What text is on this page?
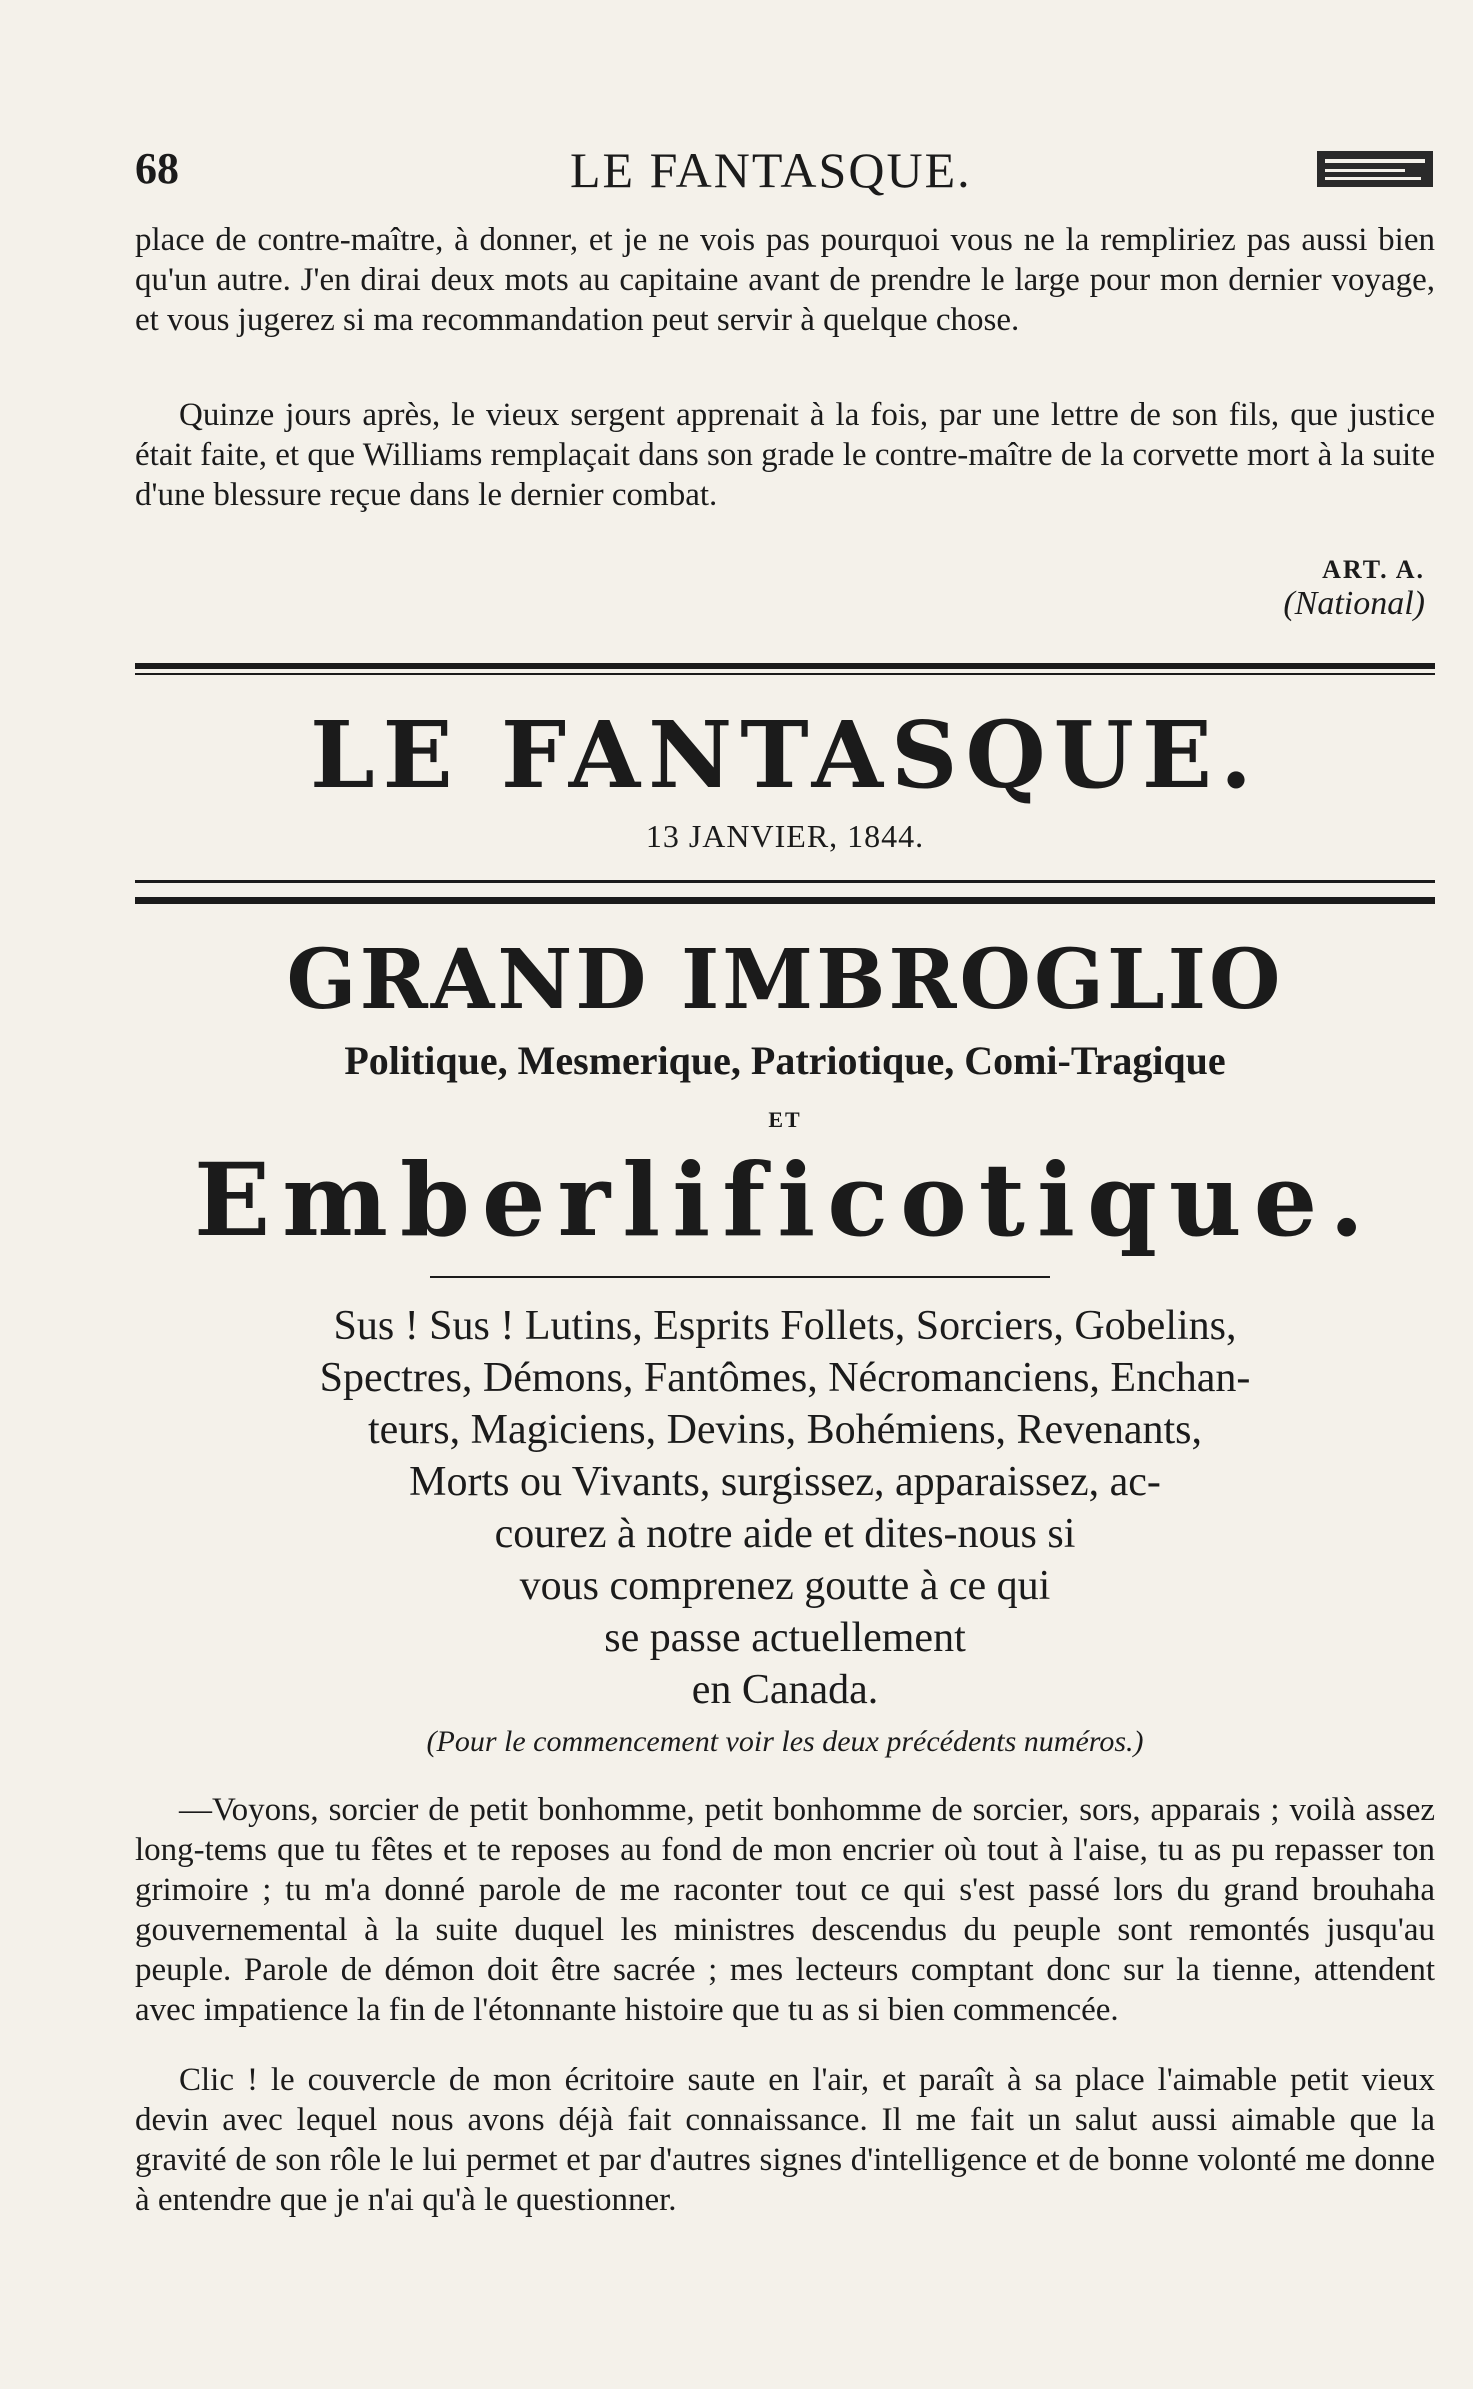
68	LE FANTASQUE.

place de contre-maître, à donner, et je ne vois pas pourquoi vous ne la rempliriez pas aussi bien qu'un autre. J'en dirai deux mots au capitaine avant de prendre le large pour mon dernier voyage, et vous jugerez si ma recommandation peut servir à quelque chose.

Quinze jours après, le vieux sergent apprenait à la fois, par une lettre de son fils, que justice était faite, et que Williams remplaçait dans son grade le contre-maître de la corvette mort à la suite d'une blessure reçue dans le dernier combat.

ART. A.
(National)
LE FANTASQUE.
13 JANVIER, 1844.
GRAND IMBROGLIO
Politique, Mesmerique, Patriotique, Comi-Tragique
ET
Emberlificotique.
Sus ! Sus ! Lutins, Esprits Follets, Sorciers, Gobelins,
Spectres, Démons, Fantômes, Nécromanciens, Enchan-
teurs, Magiciens, Devins, Bohémiens, Revenants,
Morts ou Vivants, surgissez, apparaissez, ac-
courez à notre aide et dites-nous si
vous comprenez goutte à ce qui
se passe actuellement
en Canada.
(Pour le commencement voir les deux précédents numéros.)

—Voyons, sorcier de petit bonhomme, petit bonhomme de sorcier, sors, apparais ; voilà assez long-tems que tu fêtes et te reposes au fond de mon encrier où tout à l'aise, tu as pu repasser ton grimoire ; tu m'a donné parole de me raconter tout ce qui s'est passé lors du grand brouhaha gouvernemental à la suite duquel les ministres descendus du peuple sont remontés jusqu'au peuple. Parole de démon doit être sacrée ; mes lecteurs comptant donc sur la tienne, attendent avec impatience la fin de l'étonnante histoire que tu as si bien commencée.

Clic ! le couvercle de mon écritoire saute en l'air, et paraît à sa place l'aimable petit vieux devin avec lequel nous avons déjà fait connaissance. Il me fait un salut aussi aimable que la gravité de son rôle le lui permet et par d'autres signes d'intelligence et de bonne volonté me donne à entendre que je n'ai qu'à le questionner.
